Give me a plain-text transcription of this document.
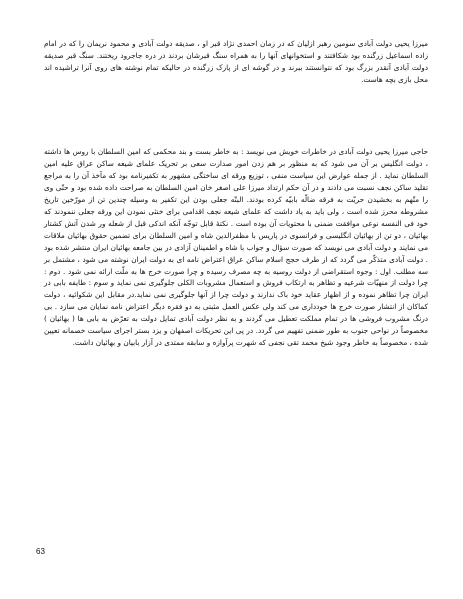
میرزا یحیی دولت آبادی سومین رهبر ازلیان که در زمان احمدی نژاد قبر او ، صدیقه دولت آبادی و محمود نریمان را که در امام زاده اسماعیل زرگنده بود شکافتند و استخوانهای آنها را به همراه سنگ قبرشان بردند در دره جاجرود ریختند. سنگ قبر صدیقه دولت آبادی آنقدر بزرگ بود که نتوانستند ببرند و در گوشه ای از پارک زرگنده در حالیکه تمام نوشته های روی آنرا تراشیده اند محل بازی بچه هاست.

حاجی میرزا یحیی دولت آبادی در خاطرات خویش می نویسد : به خاطر بست و بند محکمی که امین السلطان با روس ها داشته ، دولت انگلیس بر آن می شود که به منظور بر هم زدن امور صدارت سعی بر تحریک علمای شیعه ساکن عراق علیه امین السلطان نماید . از جمله عوارض این سیاست منفی ، توزیع ورقه ای ساختگی مشهور به تکفیرنامه بود که مآخذ آن را به مراجع تقلید ساکن نجف نسبت می دادند و در آن حکم ارتداد میرزا علی اصغر خان امین السلطان به صراحت داده شده بود و حتّی وی را متّهم به بخشیدن حریّت به فرقه ضالّه بابیّه کرده بودند. البتّه جعلی بودن این تکفیر به وسیله چندین تن از مورّخین تاریخ مشروطه محرز شده است ، ولی باید به یاد داشت که علمای شیعه نجف اقدامی برای خنثی نمودن این ورقه جعلی ننمودند که خود فی النفسه نوعی موافقت ضمنی با محتویات آن بوده است . نکتهٔ قابل توجّه آنکه اندکی قبل از شعله ور شدن آتش کشتار بهائیان ، دو تن از بهائیان انگلیسی و فرانسوی در پاریس با مظفرالدین شاه و امین السلطان برای تضمین حقوق بهائیان ملاقات می نمایند و دولت آبادی می نویسد که صورت سؤال و جواب با شاه و اطمینان آزادی در بین جامعه بهائیان ایران منتشر شده بود . دولت آبادی متذکّر می گردد که از طرف حجج اسلام ساکن عراق اعتراض نامه ای به دولت ایران نوشته می شود ، مشتمل بر سه مطلب. اول : وجوه استقراضی از دولت روسیه به چه مصرف رسیده و چرا صورت خرج ها به ملّت ارائه نمی شود . دوم : چرا دولت از منهیّات شرعیه و تظاهر به ارتکاب فروش و استعمال مشروبات الکلی جلوگیری نمی نماید و سوم : طایفه بابی در ایران چرا تظاهر نموده و از اظهار عقاید خود باک ندارند و دولت چرا از آنها جلوگیری نمی نماید.در مقابل این شکوائیه ، دولت کماکان از انتشار صورت خرج ها خودداری می کند ولی عکس العمل مثبتی به دو فقره دیگر اعتراض نامه نمایان می سازد . بی درنگ مشروب فروشی ها در تمام مملکت تعطیل می گردند و به نظر دولت آبادی تمایل دولت به تعرّض به بابی ها ( بهائیان ) مخصوصاً در نواحی جنوب به طور ضمنی تفهیم می گردد. در پی این تحریکات اصفهان و یزد بستر اجرای سیاست خصمانه تعیین شده ، مخصوصاً به خاطر وجود شیخ محمد تقی نجفی که شهرت پرآوازه و سابقه ممتدی در آزار بابیان و بهائیان داشت.

63
